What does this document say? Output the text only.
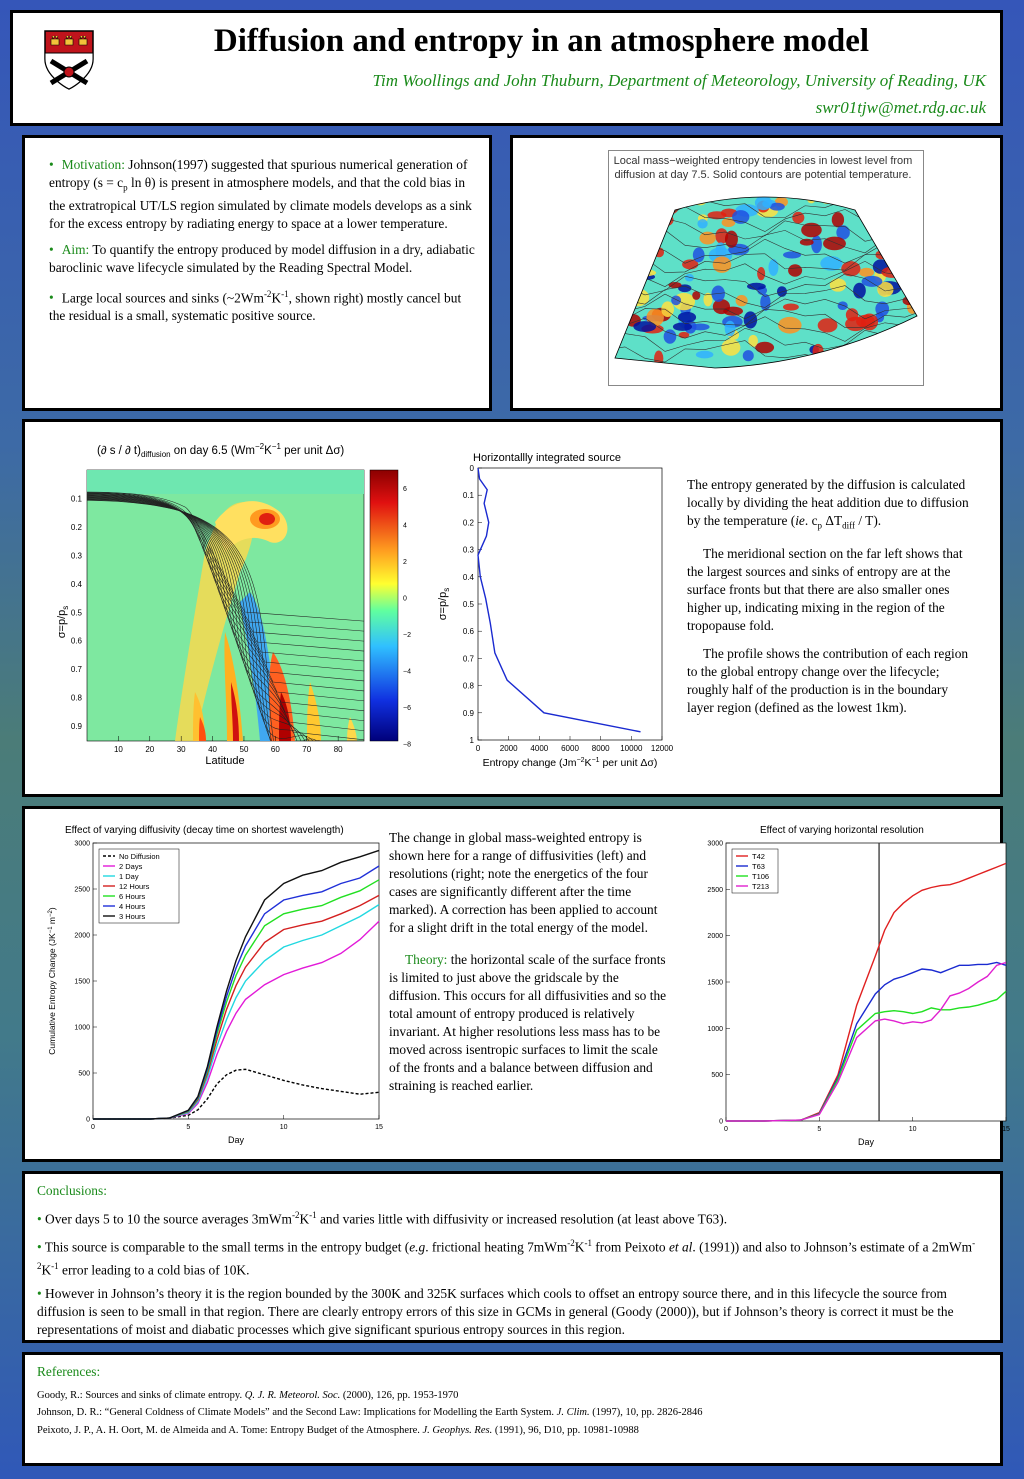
Diffusion and entropy in an atmosphere model
Tim Woollings and John Thuburn, Department of Meteorology, University of Reading, UK
swr01tjw@met.rdg.ac.uk

• Motivation: Johnson(1997) suggested that spurious numerical generation of entropy ($s = c_p$ ln θ) is present in atmosphere models, and that the cold bias in the extratropical UT/LS region simulated by climate models develops as a sink for the excess entropy by radiating energy to space at a lower temperature.

• Aim: To quantify the entropy produced by model diffusion in a dry, adiabatic baroclinic wave lifecycle simulated by the Reading Spectral Model.

• Large local sources and sinks ($\sim 2Wm^{-2}K^{-1}$, shown right) mostly cancel but the residual is a small, systematic positive source.

Local mass−weighted entropy tendencies in lowest level from
diffusion at day 7.5. Solid contours are potential temperature.
(∂ s / ∂ $t)_{diffusion}$ on day 6.5 ($Wm^{-2}K^{-1}$ per unit Δσ)
$\sigma=p/p_s$
Latitude
10	20	30	40	50	60	70	80
0.1
0.2
0.3
0.4
0.5
0.6
0.7
0.8
0.9
6
4
2
0
−2
−4
−6
−8
Horizontallly integrated source
0 2000 4000 6000 8000 10000 12000
0
0.1
0.2
0.3
0.4
0.5
0.6
0.7
0.8
0.9
1
Entropy change ($Jm^{-2}K^{-1}$ per unit Δσ)
$\sigma=p/p_s$

The entropy generated by the diffusion is calculated locally by dividing the heat addition due to diffusion by the temperature (ie. $c_p$ $\Delta T_{diff} / T$).

The meridional section on the far left shows that the largest sources and sinks of entropy are at the surface fronts but that there are also smaller ones higher up, indicating mixing in the region of the tropopause fold.

The profile shows the contribution of each region to the global entropy change over the lifecycle; roughly half of the production is in the boundary layer region (defined as the lowest 1km).

Effect of varying diffusivity (decay time on shortest wavelength)
0	5	10	15
0
500
1000
1500
2000
2500
3000
Day
No Diffusion
2 Days
1 Day
12 Hours
6 Hours
4 Hours
3 Hours
Cumulative Entropy Change ($JK^{-1}$ $m^{-2}$)

The change in global mass-weighted entropy is shown here for a range of diffusivities (left) and resolutions (right; note the energetics of the four cases are significantly different after the time marked). A correction has been applied to account for a slight drift in the total energy of the model.

Theory: the horizontal scale of the surface fronts is limited to just above the gridscale by the diffusion. This occurs for all diffusivities and so the total amount of entropy produced is relatively invariant. At higher resolutions less mass has to be moved across isentropic surfaces to limit the scale of the fronts and a balance between diffusion and straining is reached earlier.

Effect of varying horizontal resolution
0	5	10	15
0
500
1000
1500
2000
2500
3000
Day
T42
T63
T106
T213
Conclusions:

• Over days 5 to 10 the source averages $3mWm^{-2}K^{-1}$ and varies little with diffusivity or increased resolution (at least above T63).

• This source is comparable to the small terms in the entropy budget (e.g. frictional heating $7mWm^{-2}K^{-1}$ from Peixoto et al. (1991)) and also to Johnson’s estimate of a $2mWm^{-2}K^{-1}$ error leading to a cold bias of 10K.

• However in Johnson’s theory it is the region bounded by the 300K and 325K surfaces which cools to offset an entropy source there, and in this lifecycle the source from diffusion is seen to be small in that region. There are clearly entropy errors of this size in GCMs in general (Goody (2000)), but if Johnson’s theory is correct it must be the representations of moist and diabatic processes which give significant spurious entropy sources in this region.

References:
Goody, R.: Sources and sinks of climate entropy. Q. J. R. Meteorol. Soc. (2000), 126, pp. 1953-1970
Johnson, D. R.: “General Coldness of Climate Models” and the Second Law: Implications for Modelling the Earth System. J. Clim. (1997), 10, pp. 2826-2846
Peixoto, J. P., A. H. Oort, M. de Almeida and A. Tome: Entropy Budget of the Atmosphere. J. Geophys. Res. (1991), 96, D10, pp. 10981-10988
